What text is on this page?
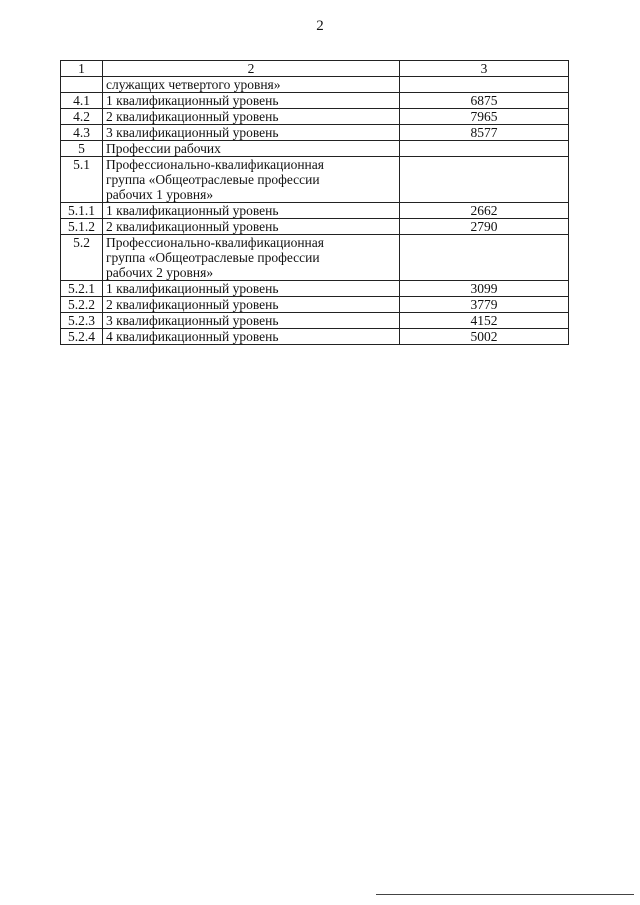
2
1	2	3
	служащих четвертого уровня»	
4.1	1 квалификационный уровень	6875
4.2	2 квалификационный уровень	7965
4.3	3 квалификационный уровень	8577
5	Профессии рабочих	
5.1	Профессионально-квалификационная группа «Общеотраслевые профессии рабочих 1 уровня»	
5.1.1	1 квалификационный уровень	2662
5.1.2	2 квалификационный уровень	2790
5.2	Профессионально-квалификационная группа «Общеотраслевые профессии рабочих 2 уровня»	
5.2.1	1 квалификационный уровень	3099
5.2.2	2 квалификационный уровень	3779
5.2.3	3 квалификационный уровень	4152
5.2.4	4 квалификационный уровень	5002
